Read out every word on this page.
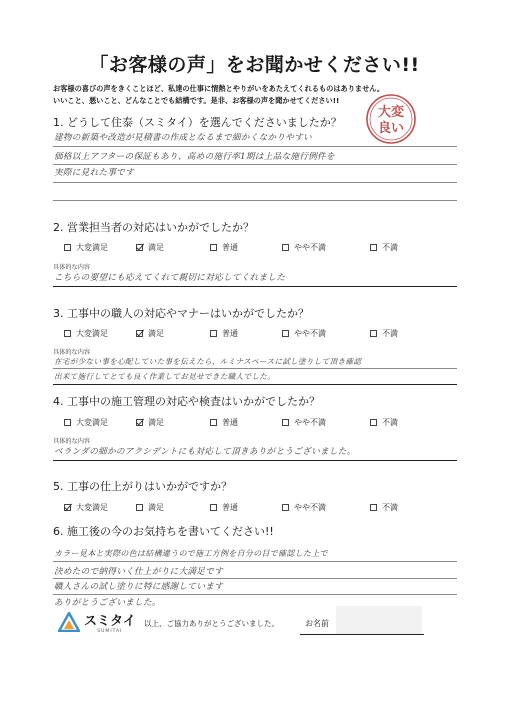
「お客様の声」をお聞かせください!!
お客様の喜びの声をきくことほど、私達の仕事に情熱とやりがいをあたえてくれるものはありません。
いいこと、悪いこと、どんなことでも結構です。是非、お客様の声を聞かせてください!!
大変
良い
1. どうして住泰（スミタイ）を選んでくださいましたか？
建物の新築や改造が見積書の作成となるまで細かくなかりやすい
価格以上アフターの保証もあり、高めの施行率1期は上品な施行例件を
実際に見れた事です
2. 営業担当者の対応はいかがでしたか？
大変満足	満足	普通	やや不満	不満
具体的な内容
こちらの要望にも応えてくれて親切に対応してくれました
3. 工事中の職人の対応やマナーはいかがでしたか？
大変満足	満足	普通	やや不満	不満
具体的な内容
在宅が少ない事を心配していた事を伝えたら、ルミナスペースに試し塗りして頂き確認
出来て施行してとても良く作業してお見せできた職人でした。
4. 工事中の施工管理の対応や検査はいかがでしたか？
大変満足	満足	普通	やや不満	不満
具体的な内容
ベランダの細かのアクシデントにも対応して頂きありがとうございました。
5. 工事の仕上がりはいかがですか？
大変満足	満足	普通	やや不満	不満
6. 施工後の今のお気持ちを書いてください!!
カラー見本と実際の色は結構違うので施工方例を自分の目で確認した上で
決めたので納得いく仕上がりに大満足です
職人さんの試し塗りに特に感謝しています
ありがとうございました。
スミタイ
SUMITAI
以上、ご協力ありがとうございました。	お名前
